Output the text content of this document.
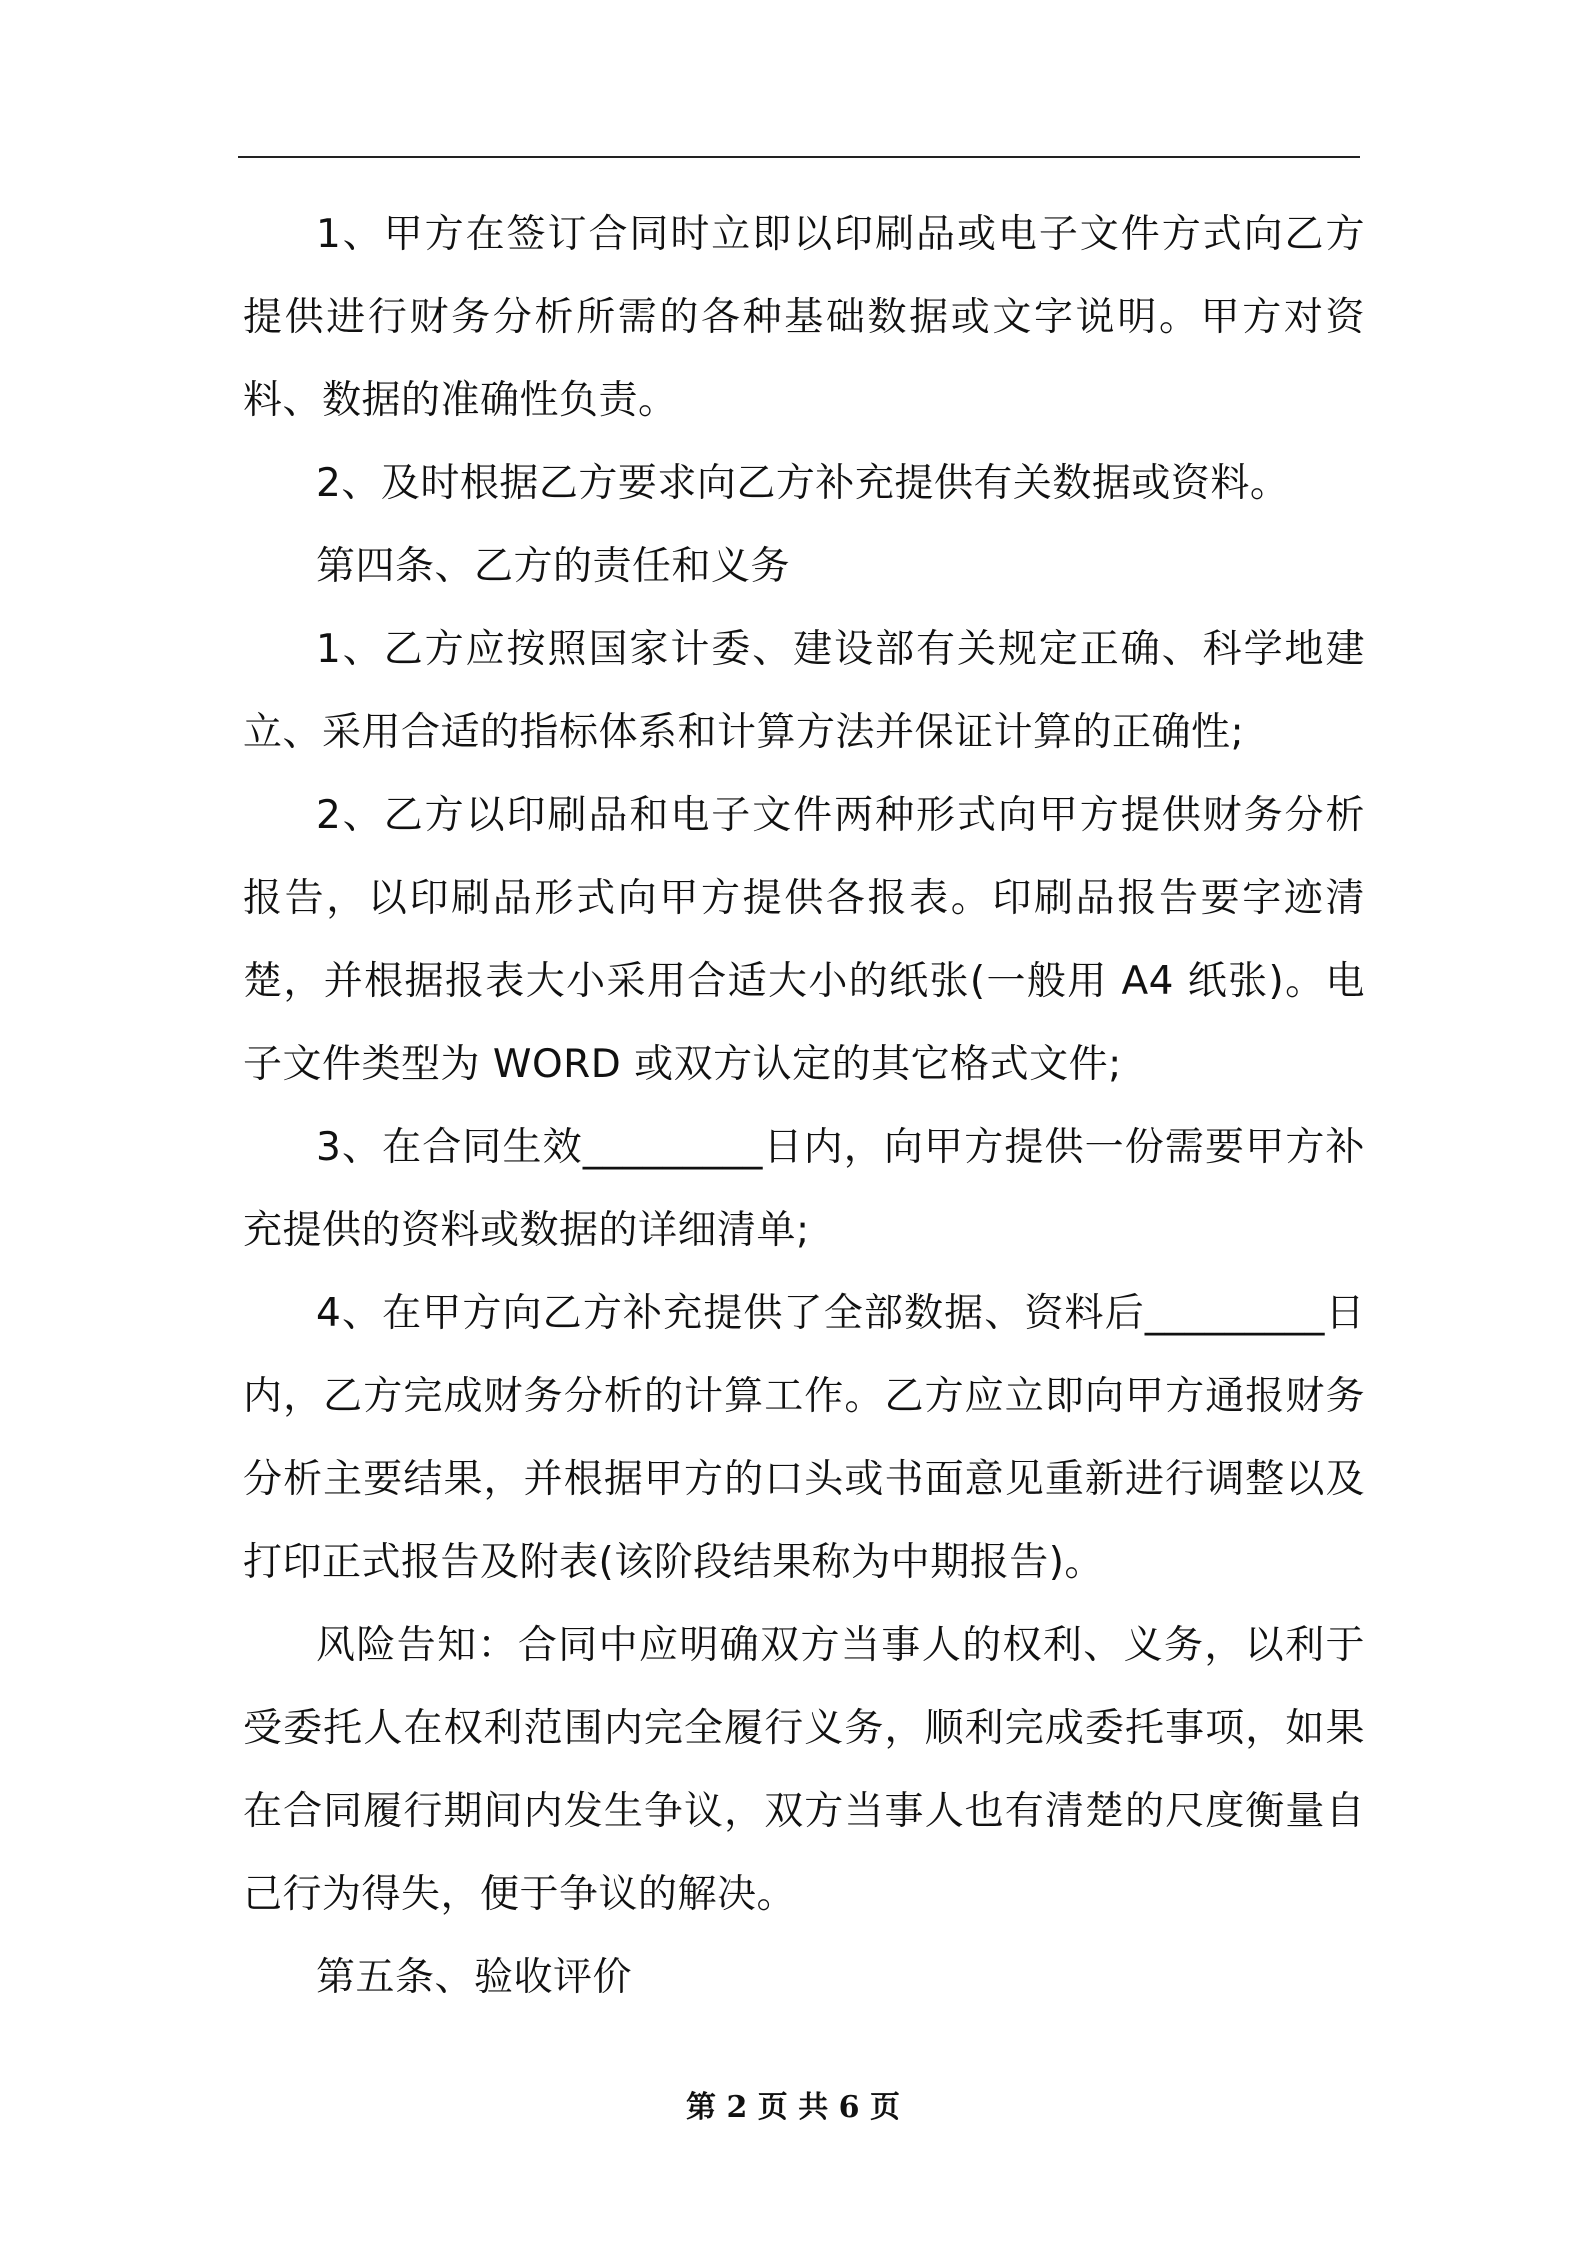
1、甲方在签订合同时立即以印刷品或电子文件方式向乙方提供进行财务分析所需的各种基础数据或文字说明。甲方对资料、数据的准确性负责。

2、及时根据乙方要求向乙方补充提供有关数据或资料。

第四条、乙方的责任和义务

1、乙方应按照国家计委、建设部有关规定正确、科学地建立、采用合适的指标体系和计算方法并保证计算的正确性;

2、乙方以印刷品和电子文件两种形式向甲方提供财务分析报告，以印刷品形式向甲方提供各报表。印刷品报告要字迹清楚，并根据报表大小采用合适大小的纸张(一般用 A4 纸张)。电子文件类型为 WORD 或双方认定的其它格式文件;

3、在合同生效_________日内，向甲方提供一份需要甲方补充提供的资料或数据的详细清单;

4、在甲方向乙方补充提供了全部数据、资料后_________日内，乙方完成财务分析的计算工作。乙方应立即向甲方通报财务分析主要结果，并根据甲方的口头或书面意见重新进行调整以及打印正式报告及附表(该阶段结果称为中期报告)。

风险告知：合同中应明确双方当事人的权利、义务，以利于受委托人在权利范围内完全履行义务，顺利完成委托事项，如果在合同履行期间内发生争议，双方当事人也有清楚的尺度衡量自己行为得失，便于争议的解决。

第五条、验收评价

第 2 页 共 6 页
